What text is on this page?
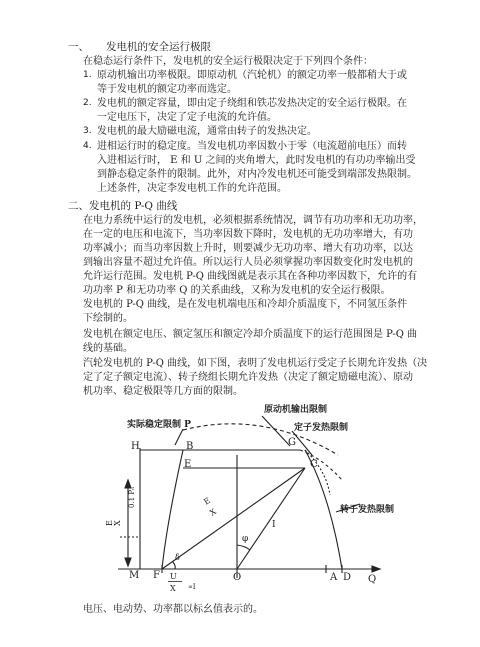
一、 发电机的安全运行极限
在稳态运行条件下，发电机的安全运行极限决定于下列四个条件：
1. 原动机输出功率极限。即原动机（汽轮机）的额定功率一般都稍大于或
等于发电机的额定功率而选定。
2. 发电机的额定容量，即由定子绕组和铁芯发热决定的安全运行极限。在
一定电压下，决定了定子电流的允许值。
3. 发电机的最大励磁电流，通常由转子的发热决定。
4. 进相运行时的稳定度。当发电机功率因数小于零（电流超前电压）而转
入进相运行时， E 和 U 之间的夹角增大，此时发电机的有功功率输出受
到静态稳定条件的限制。此外，对内冷发电机还可能受到端部发热限制。
上述条件，决定李发电机工作的允许范围。
二、发电机的 P-Q 曲线
在电力系统中运行的发电机，必须根据系统情况，调节有功功率和无功功率，
在一定的电压和电流下，当功率因数下降时，发电机的无功功率增大，有功
功率减小；而当功率因数上升时，则要减少无功功率、增大有功功率，以达
到输出容量不超过允许值。所以运行人员必须掌握功率因数变化时发电机的
允许运行范围。发电机 P-Q 曲线图就是表示其在各种功率因数下，允许的有
功功率 P 和无功功率 Q 的关系曲线，又称为发电机的安全运行极限。
发电机的 P-Q 曲线，是在发电机端电压和冷却介质温度下，不同氢压条件
下绘制的。
发电机在额定电压、额定氢压和额定冷却介质温度下的运行范围图是 P-Q 曲
线的基础。
汽轮发电机的 P-Q 曲线，如下图，表明了发电机运行受定子长期允许发热（决
定了定子额定电流）、转子绕组长期允许发热（决定了额定励磁电流）、原动
机功率、稳定极限等几方面的限制。
原动机输出限制
定子发热限制
实际稳定限制 P
转子发热限制
H	B	G
C
E
M F	O	A D Q
0.1 Pₙ
E X
E
X
φ
δ
I
U
X ∝I
电压、电动势、功率都以标幺值表示的。
